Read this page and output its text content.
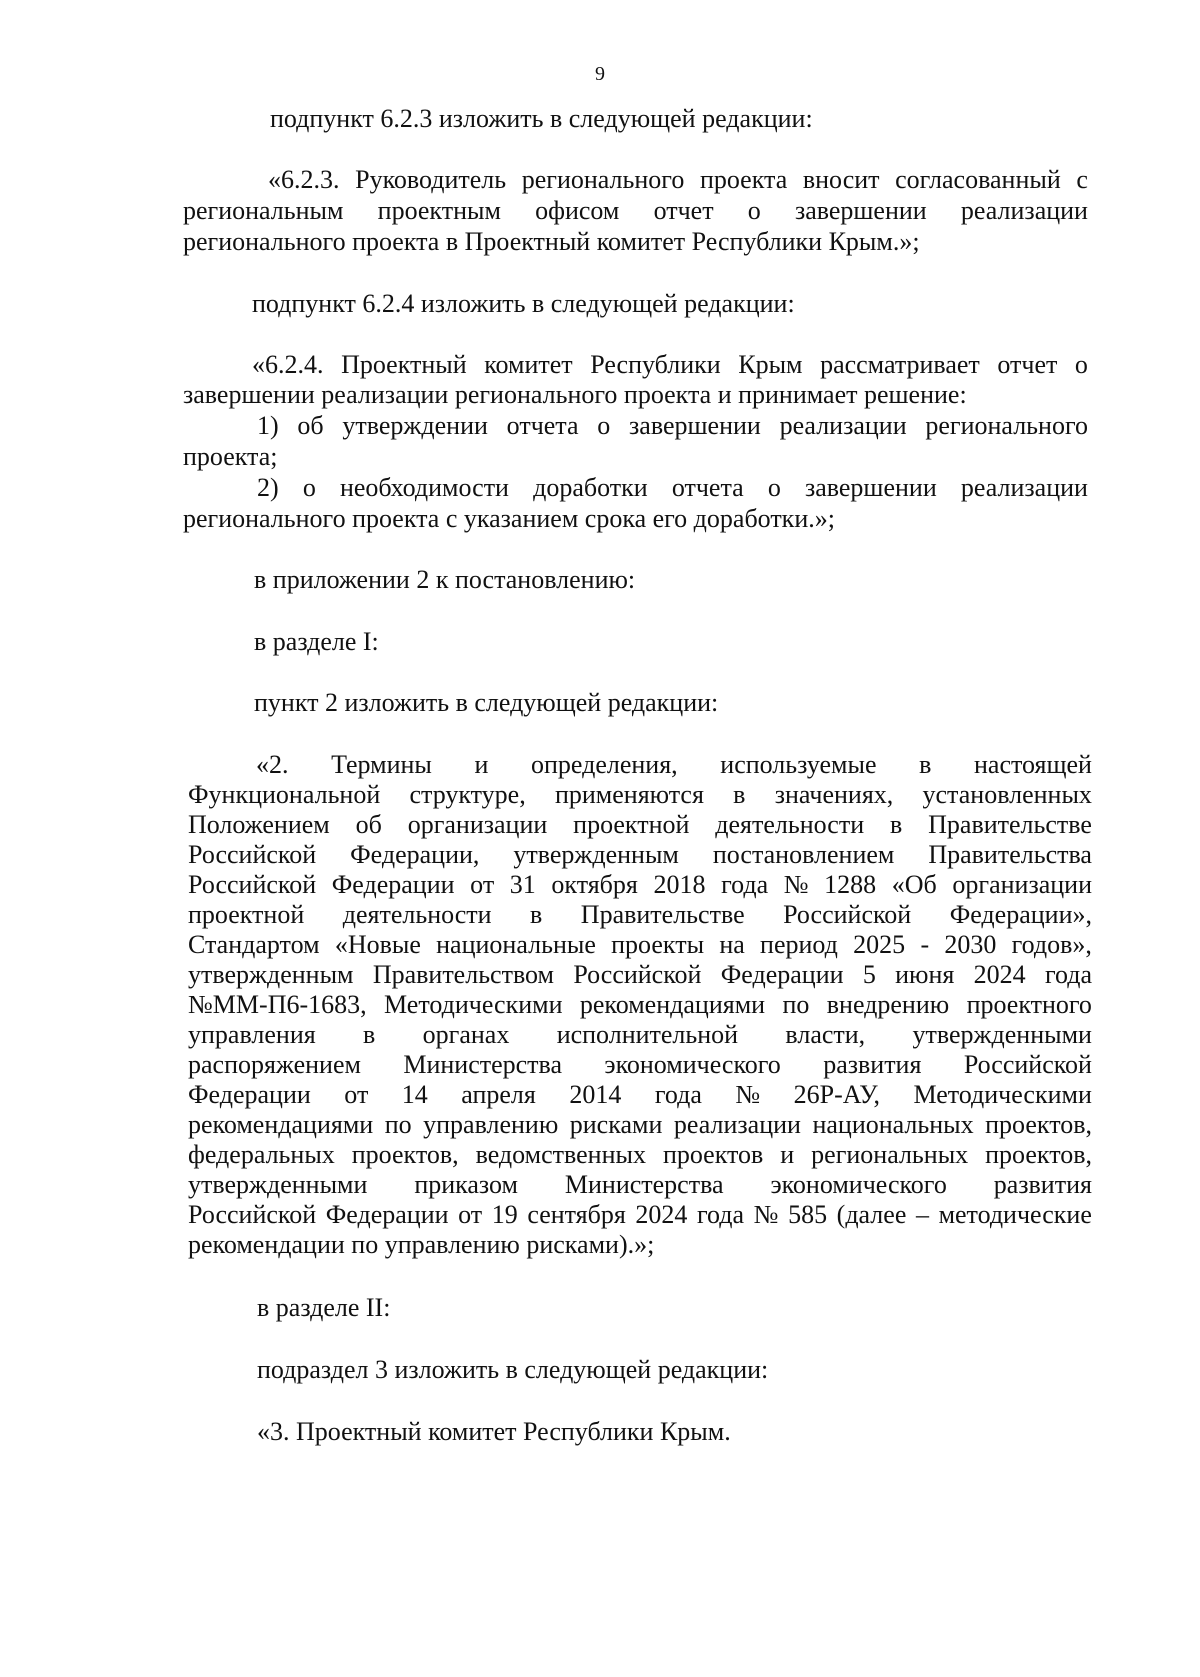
9
подпункт 6.2.3 изложить в следующей редакции:
«6.2.3. Руководитель регионального проекта вносит согласованный с
региональным проектным офисом отчет о завершении реализации
регионального проекта в Проектный комитет Республики Крым.»;
подпункт 6.2.4 изложить в следующей редакции:
«6.2.4. Проектный комитет Республики Крым рассматривает отчет о
завершении реализации регионального проекта и принимает решение:
1) об утверждении отчета о завершении реализации регионального
проекта;
2) о необходимости доработки отчета о завершении реализации
регионального проекта с указанием срока его доработки.»;
в приложении 2 к постановлению:
в разделе I:
пункт 2 изложить в следующей редакции:
«2. Термины и определения, используемые в настоящей
Функциональной структуре, применяются в значениях, установленных
Положением об организации проектной деятельности в Правительстве
Российской Федерации, утвержденным постановлением Правительства
Российской Федерации от 31 октября 2018 года № 1288 «Об организации
проектной деятельности в Правительстве Российской Федерации»,
Стандартом «Новые национальные проекты на период 2025 - 2030 годов»,
утвержденным Правительством Российской Федерации 5 июня 2024 года
№ММ-П6-1683, Методическими рекомендациями по внедрению проектного
управления в органах исполнительной власти, утвержденными
распоряжением Министерства экономического развития Российской
Федерации от 14 апреля 2014 года № 26Р-АУ, Методическими
рекомендациями по управлению рисками реализации национальных проектов,
федеральных проектов, ведомственных проектов и региональных проектов,
утвержденными приказом Министерства экономического развития
Российской Федерации от 19 сентября 2024 года № 585 (далее – методические
рекомендации по управлению рисками).»;
в разделе II:
подраздел 3 изложить в следующей редакции:
«3. Проектный комитет Республики Крым.
